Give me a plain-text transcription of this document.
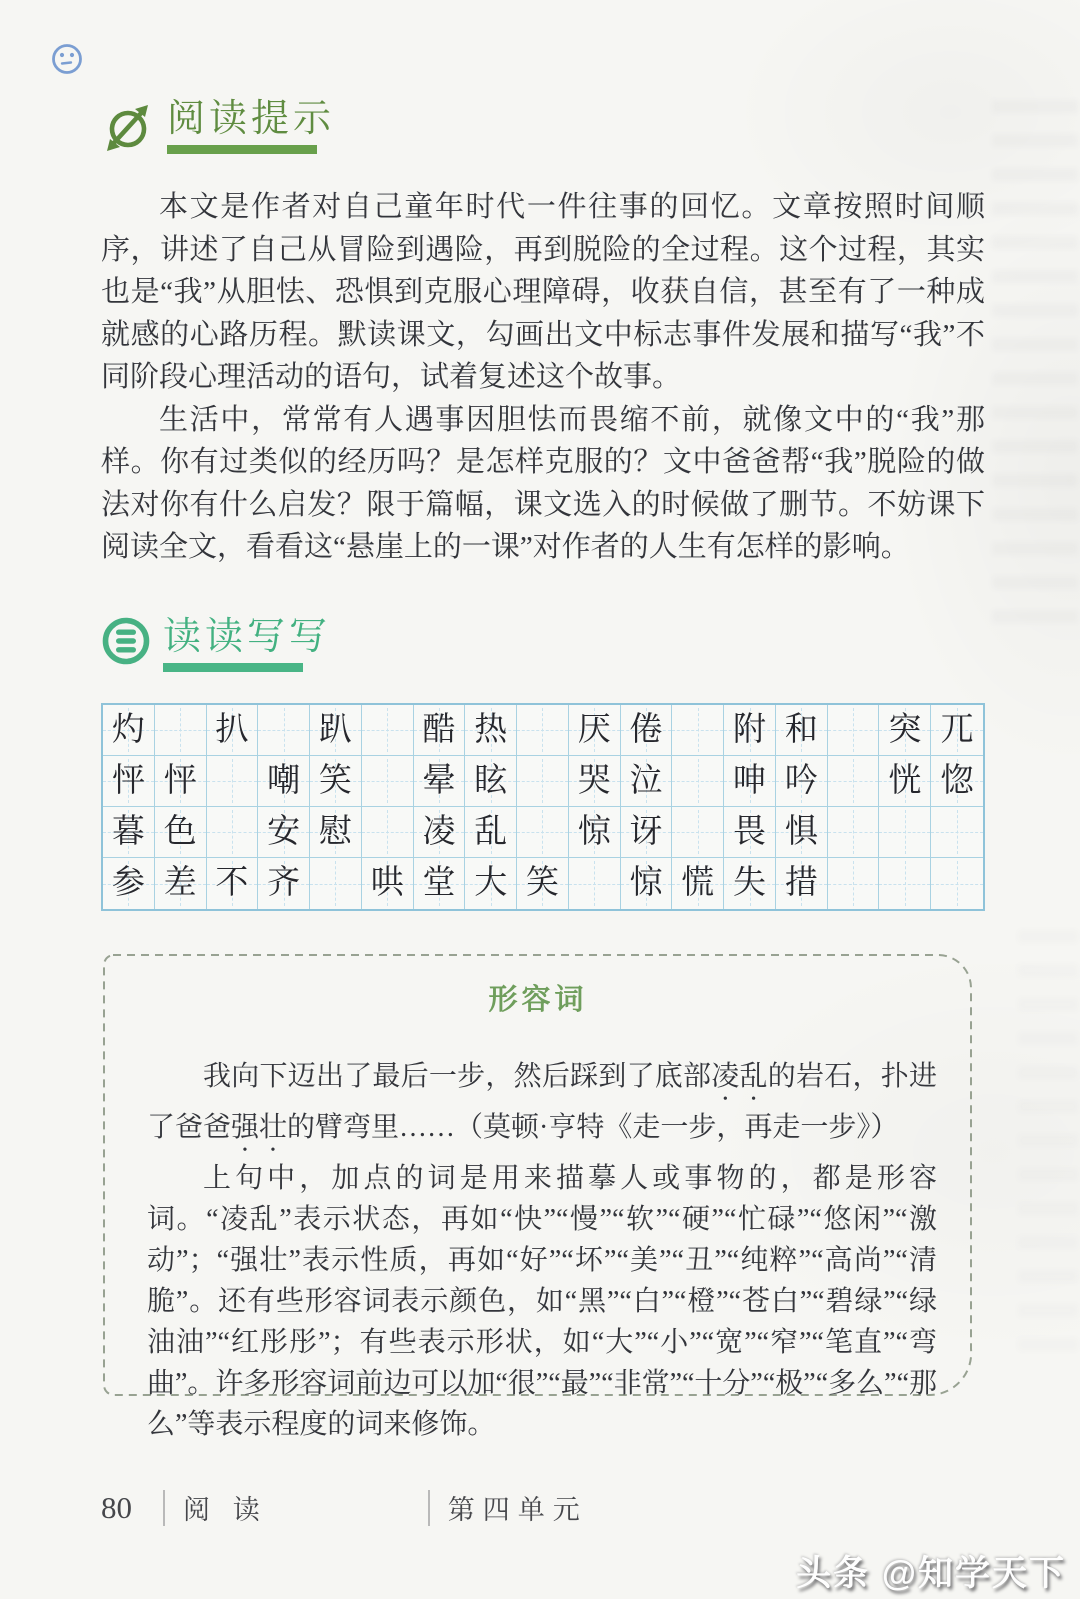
阅读提示

本文是作者对自己童年时代一件往事的回忆。文章按照时间顺序，讲述了自己从冒险到遇险，再到脱险的全过程。这个过程，其实也是“我”从胆怯、恐惧到克服心理障碍，收获自信，甚至有了一种成就感的心路历程。默读课文，勾画出文中标志事件发展和描写“我”不同阶段心理活动的语句，试着复述这个故事。

生活中，常常有人遇事因胆怯而畏缩不前，就像文中的“我”那样。你有过类似的经历吗？是怎样克服的？文中爸爸帮“我”脱险的做法对你有什么启发？限于篇幅，课文选入的时候做了删节。不妨课下阅读全文，看看这“悬崖上的一课”对作者的人生有怎样的影响。

读读写写
灼 扒 趴 酷 热 厌 倦 附 和 突 兀
怦 怦 嘲 笑 晕 眩 哭 泣 呻 吟 恍 惚
暮 色 安 慰 凌 乱 惊 讶 畏 惧
参 差 不 齐 哄 堂 大 笑 惊 慌 失 措
形容词

我向下迈出了最后一步，然后踩到了底部凌乱的岩石，扑进了爸爸强壮的臂弯里……（莫顿·亨特《走一步，再走一步》）

上句中，加点的词是用来描摹人或事物的，都是形容词。“凌乱”表示状态，再如“快”“慢”“软”“硬”“忙碌”“悠闲”“激动”；“强壮”表示性质，再如“好”“坏”“美”“丑”“纯粹”“高尚”“清脆”。还有些形容词表示颜色，如“黑”“白”“橙”“苍白”“碧绿”“绿油油”“红彤彤”；有些表示形状，如“大”“小”“宽”“窄”“笔直”“弯曲”。许多形容词前边可以加“很”“最”“非常”“十分”“极”“多么”“那么”等表示程度的词来修饰。

80	阅 读	第四单元
头条 @知学天下
